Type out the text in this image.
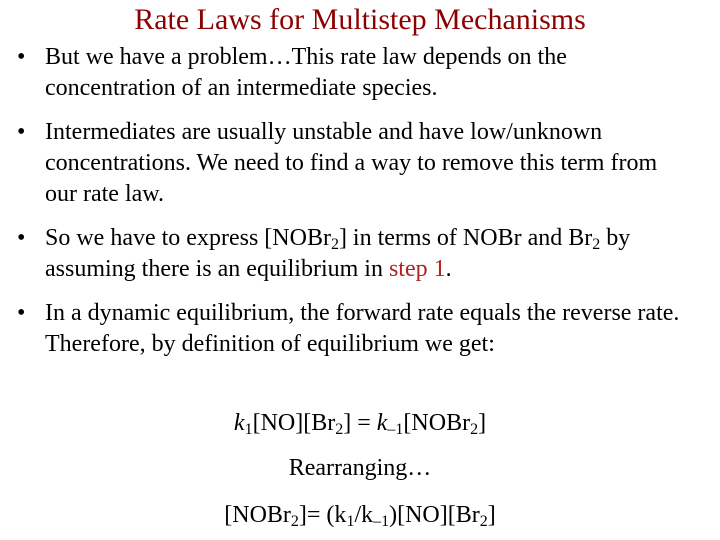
Rate Laws for Multistep Mechanisms
• But we have a problem…This rate law depends on the concentration of an intermediate species.
• Intermediates are usually unstable and have low/unknown concentrations. We need to find a way to remove this term from our rate law.
• So we have to express [NOBr$_2$] in terms of NOBr and $Br_2$ by assuming there is an equilibrium in step 1.
• In a dynamic equilibrium, the forward rate equals the reverse rate. Therefore, by definition of equilibrium we get:
$k_1[NO][Br_2]$ = $k_{-1}[NOBr_2]$
Rearranging…
[NOBr$_2$]= $(k_1/k_{-1})[NO][Br_2]$
